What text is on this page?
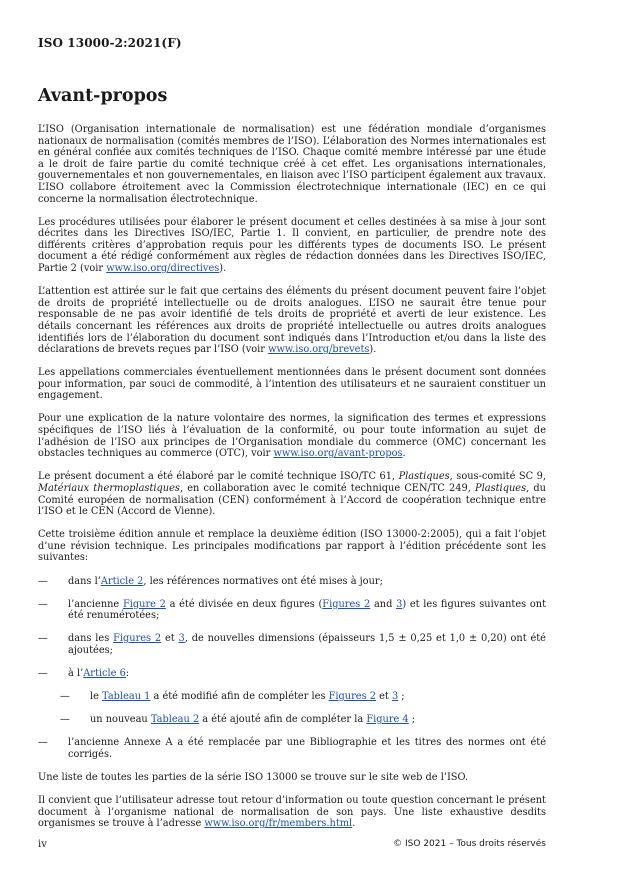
ISO 13000-2:2021(F)
Avant-propos

L’ISO (Organisation internationale de normalisation) est une fédération mondiale d’organismes nationaux de normalisation (comités membres de l’ISO). L’élaboration des Normes internationales est en général confiée aux comités techniques de l’ISO. Chaque comité membre intéressé par une étude a le droit de faire partie du comité technique créé à cet effet. Les organisations internationales, gouvernementales et non gouvernementales, en liaison avec l’ISO participent également aux travaux. L’ISO collabore étroitement avec la Commission électrotechnique internationale (IEC) en ce qui concerne la normalisation électrotechnique.

Les procédures utilisées pour élaborer le présent document et celles destinées à sa mise à jour sont décrites dans les Directives ISO/IEC, Partie 1. Il convient, en particulier, de prendre note des différents critères d’approbation requis pour les différents types de documents ISO. Le présent document a été rédigé conformément aux règles de rédaction données dans les Directives ISO/IEC, Partie 2 (voir www.iso.org/directives).

L’attention est attirée sur le fait que certains des éléments du présent document peuvent faire l’objet de droits de propriété intellectuelle ou de droits analogues. L’ISO ne saurait être tenue pour responsable de ne pas avoir identifié de tels droits de propriété et averti de leur existence. Les détails concernant les références aux droits de propriété intellectuelle ou autres droits analogues identifiés lors de l’élaboration du document sont indiqués dans l’Introduction et/ou dans la liste des déclarations de brevets reçues par l’ISO (voir www.iso.org/brevets).

Les appellations commerciales éventuellement mentionnées dans le présent document sont données pour information, par souci de commodité, à l’intention des utilisateurs et ne sauraient constituer un engagement.

Pour une explication de la nature volontaire des normes, la signification des termes et expressions spécifiques de l’ISO liés à l’évaluation de la conformité, ou pour toute information au sujet de l’adhésion de l’ISO aux principes de l’Organisation mondiale du commerce (OMC) concernant les obstacles techniques au commerce (OTC), voir www.iso.org/avant-propos.

Le présent document a été élaboré par le comité technique ISO/TC 61, Plastiques, sous-comité SC 9, Matériaux thermoplastiques, en collaboration avec le comité technique CEN/TC 249, Plastiques, du Comité européen de normalisation (CEN) conformément à l’Accord de coopération technique entre l’ISO et le CEN (Accord de Vienne).

Cette troisième édition annule et remplace la deuxième édition (ISO 13000-2:2005), qui a fait l’objet d’une révision technique. Les principales modifications par rapport à l’édition précédente sont les suivantes:

— dans l’Article 2, les références normatives ont été mises à jour;

— l’ancienne Figure 2 a été divisée en deux figures (Figures 2 and 3) et les figures suivantes ont été renumérotées;

— dans les Figures 2 et 3, de nouvelles dimensions (épaisseurs 1,5 ± 0,25 et 1,0 ± 0,20) ont été ajoutées;

— à l’Article 6:

— le Tableau 1 a été modifié afin de compléter les Figures 2 et 3 ;

— un nouveau Tableau 2 a été ajouté afin de compléter la Figure 4 ;

— l’ancienne Annexe A a été remplacée par une Bibliographie et les titres des normes ont été corrigés.

Une liste de toutes les parties de la série ISO 13000 se trouve sur le site web de l’ISO.

Il convient que l’utilisateur adresse tout retour d’information ou toute question concernant le présent document à l’organisme national de normalisation de son pays. Une liste exhaustive desdits organismes se trouve à l’adresse www.iso.org/fr/members.html.

iv	© ISO 2021 – Tous droits réservés
